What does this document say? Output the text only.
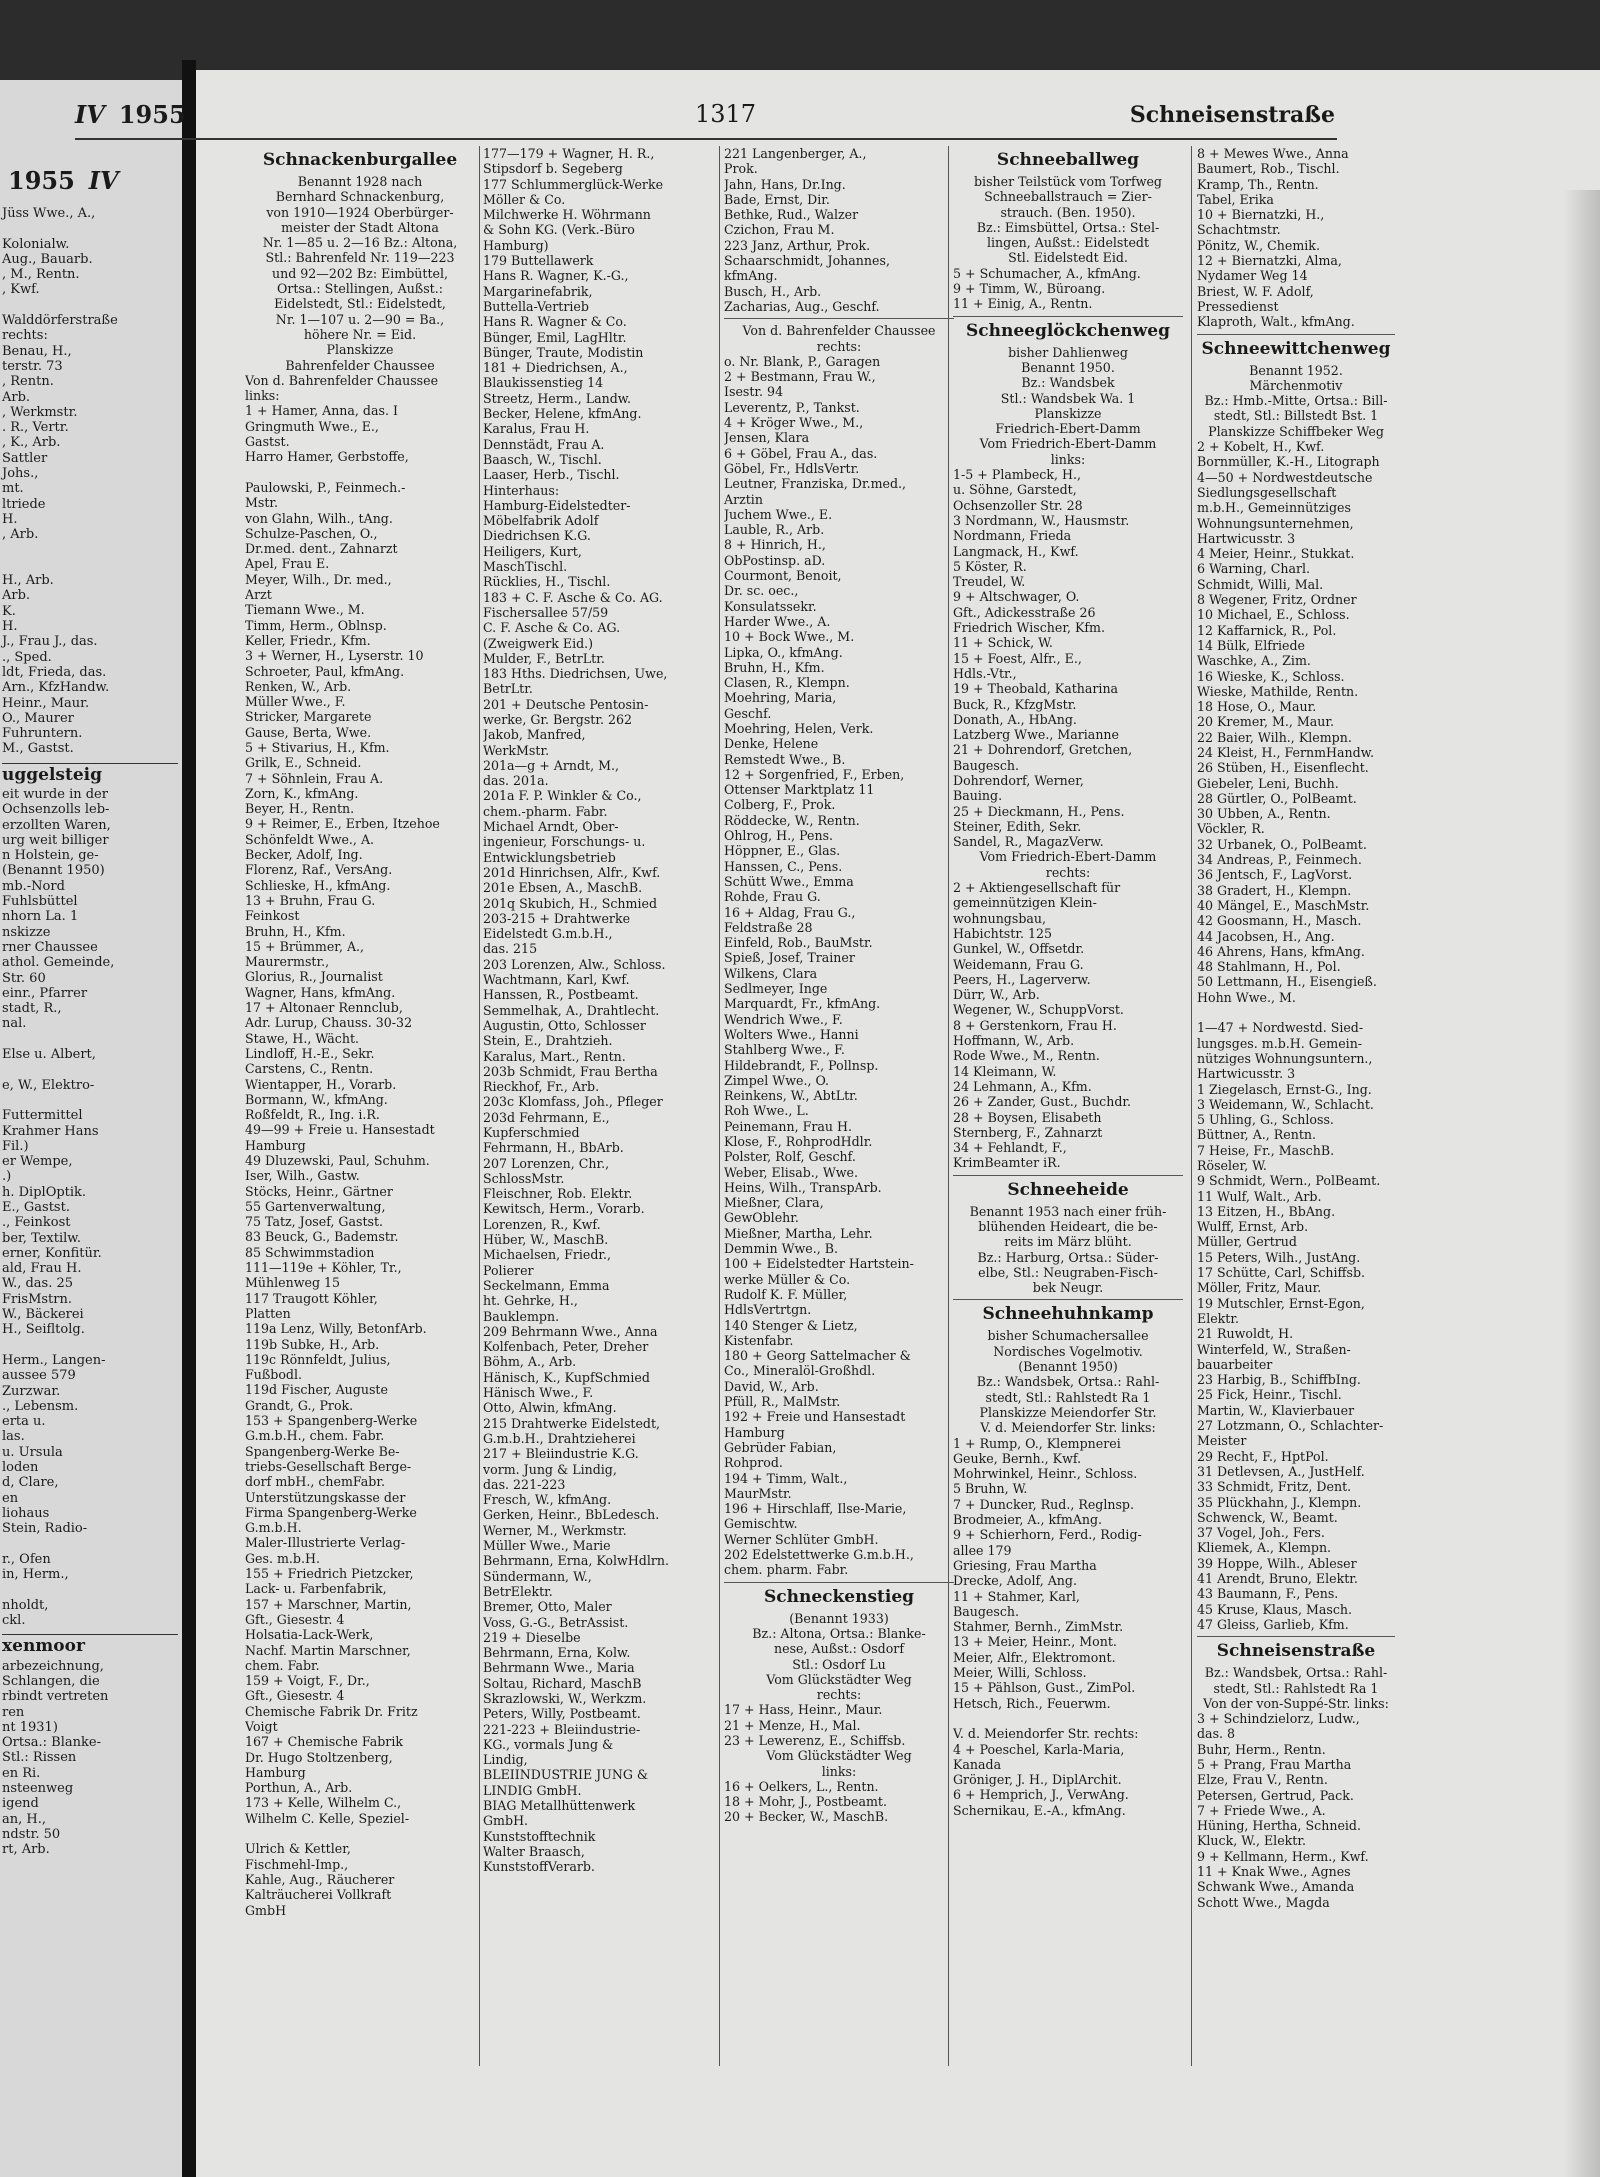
1955 IV
Jüss Wwe., A.,

Kolonialw.
Aug., Bauarb.
, M., Rentn.
, Kwf.

Walddörferstraße
rechts:
Benau, H.,
terstr. 73
, Rentn.
Arb.
, Werkmstr.
. R., Vertr.
, K., Arb.
Sattler
Johs.,
mt.
ltriede
H.
, Arb.

H., Arb.
Arb.
K.
H.
J., Frau J., das.
., Sped.
ldt, Frieda, das.
Arn., KfzHandw.
Heinr., Maur.
O., Maurer
Fuhruntern.
M., Gastst.
uggelsteig
eit wurde in der
Ochsenzolls leb-
erzollten Waren,
urg weit billiger
n Holstein, ge-
(Benannt 1950)
mb.-Nord
Fuhlsbüttel
nhorn La. 1
nskizze
rner Chaussee
athol. Gemeinde,
Str. 60
einr., Pfarrer
stadt, R.,
nal.

Else u. Albert,

e, W., Elektro-

Futtermittel
Krahmer Hans
Fil.)
er Wempe,
.)
h. DiplOptik.
E., Gastst.
., Feinkost
ber, Textilw.
erner, Konfitür.
ald, Frau H.
W., das. 25
FrisMstrn.
W., Bäckerei
H., Seifltolg.

Herm., Langen-
aussee 579
Zurzwar.
., Lebensm.
erta u.
las.
u. Ursula
loden
d, Clare,
en
liohaus
Stein, Radio-

r., Ofen
in, Herm.,

nholdt,
ckl.
xenmoor
arbezeichnung,
Schlangen, die
rbindt vertreten
ren
nt 1931)
Ortsa.: Blanke-
Stl.: Rissen
en Ri.
nsteenweg
igend
an, H.,
ndstr. 50
rt, Arb.
IV 1955	1317	Schneisenstraße
Schnackenburgallee
Benannt 1928 nach
Bernhard Schnackenburg,
von 1910—1924 Oberbürger-
meister der Stadt Altona
Nr. 1—85 u. 2—16 Bz.: Altona,
Stl.: Bahrenfeld Nr. 119—223
und 92—202 Bz: Eimbüttel,
Ortsa.: Stellingen, Außst.:
Eidelstedt, Stl.: Eidelstedt,
Nr. 1—107 u. 2—90 = Ba.,
höhere Nr. = Eid.
Planskizze
Bahrenfelder Chaussee
Von d. Bahrenfelder Chaussee
links:
1 + Hamer, Anna, das. I
Gringmuth Wwe., E.,
Gastst.
Harro Hamer, Gerbstoffe,

Paulowski, P., Feinmech.-
Mstr.
von Glahn, Wilh., tAng.
Schulze-Paschen, O.,
Dr.med. dent., Zahnarzt
Apel, Frau E.
Meyer, Wilh., Dr. med.,
Arzt
Tiemann Wwe., M.
Timm, Herm., Oblnsp.
Keller, Friedr., Kfm.
3 + Werner, H., Lyserstr. 10
Schroeter, Paul, kfmAng.
Renken, W., Arb.
Müller Wwe., F.
Stricker, Margarete
Gause, Berta, Wwe.
5 + Stivarius, H., Kfm.
Grilk, E., Schneid.
7 + Söhnlein, Frau A.
Zorn, K., kfmAng.
Beyer, H., Rentn.
9 + Reimer, E., Erben, Itzehoe
Schönfeldt Wwe., A.
Becker, Adolf, Ing.
Florenz, Raf., VersAng.
Schlieske, H., kfmAng.
13 + Bruhn, Frau G.
Feinkost
Bruhn, H., Kfm.
15 + Brümmer, A.,
Maurermstr.,
Glorius, R., Journalist
Wagner, Hans, kfmAng.
17 + Altonaer Rennclub,
Adr. Lurup, Chauss. 30-32
Stawe, H., Wächt.
Lindloff, H.-E., Sekr.
Carstens, C., Rentn.
Wientapper, H., Vorarb.
Bormann, W., kfmAng.
Roßfeldt, R., Ing. i.R.
49—99 + Freie u. Hansestadt
Hamburg
49 Dluzewski, Paul, Schuhm.
Iser, Wilh., Gastw.
Stöcks, Heinr., Gärtner
55 Gartenverwaltung,
75 Tatz, Josef, Gastst.
83 Beuck, G., Bademstr.
85 Schwimmstadion
111—119e + Köhler, Tr.,
Mühlenweg 15
117 Traugott Köhler,
Platten
119a Lenz, Willy, BetonfArb.
119b Subke, H., Arb.
119c Rönnfeldt, Julius,
Fußbodl.
119d Fischer, Auguste
Grandt, G., Prok.
153 + Spangenberg-Werke
G.m.b.H., chem. Fabr.
Spangenberg-Werke Be-
triebs-Gesellschaft Berge-
dorf mbH., chemFabr.
Unterstützungskasse der
Firma Spangenberg-Werke
G.m.b.H.
Maler-Illustrierte Verlag-
Ges. m.b.H.
155 + Friedrich Pietzcker,
Lack- u. Farbenfabrik,
157 + Marschner, Martin,
Gft., Giesestr. 4
Holsatia-Lack-Werk,
Nachf. Martin Marschner,
chem. Fabr.
159 + Voigt, F., Dr.,
Gft., Giesestr. 4
Chemische Fabrik Dr. Fritz
Voigt
167 + Chemische Fabrik
Dr. Hugo Stoltzenberg,
Hamburg
Porthun, A., Arb.
173 + Kelle, Wilhelm C.,
Wilhelm C. Kelle, Speziel-

Ulrich & Kettler,
Fischmehl-Imp.,
Kahle, Aug., Räucherer
Kalträucherei Vollkraft
GmbH
177—179 + Wagner, H. R.,
Stipsdorf b. Segeberg
177 Schlummerglück-Werke
Möller & Co.
Milchwerke H. Wöhrmann
& Sohn KG. (Verk.-Büro
Hamburg)
179 Buttellawerk
Hans R. Wagner, K.-G.,
Margarinefabrik,
Buttella-Vertrieb
Hans R. Wagner & Co.
Bünger, Emil, LagHltr.
Bünger, Traute, Modistin
181 + Diedrichsen, A.,
Blaukissenstieg 14
Streetz, Herm., Landw.
Becker, Helene, kfmAng.
Karalus, Frau H.
Dennstädt, Frau A.
Baasch, W., Tischl.
Laaser, Herb., Tischl.
Hinterhaus:
Hamburg-Eidelstedter-
Möbelfabrik Adolf
Diedrichsen K.G.
Heiligers, Kurt,
MaschTischl.
Rücklies, H., Tischl.
183 + C. F. Asche & Co. AG.
Fischersallee 57/59
C. F. Asche & Co. AG.
(Zweigwerk Eid.)
Mulder, F., BetrLtr.
183 Hths. Diedrichsen, Uwe,
BetrLtr.
201 + Deutsche Pentosin-
werke, Gr. Bergstr. 262
Jakob, Manfred,
WerkMstr.
201a—g + Arndt, M.,
das. 201a.
201a F. P. Winkler & Co.,
chem.-pharm. Fabr.
Michael Arndt, Ober-
ingenieur, Forschungs- u.
Entwicklungsbetrieb
201d Hinrichsen, Alfr., Kwf.
201e Ebsen, A., MaschB.
201q Skubich, H., Schmied
203-215 + Drahtwerke
Eidelstedt G.m.b.H.,
das. 215
203 Lorenzen, Alw., Schloss.
Wachtmann, Karl, Kwf.
Hanssen, R., Postbeamt.
Semmelhak, A., Drahtlecht.
Augustin, Otto, Schlosser
Stein, E., Drahtzieh.
Karalus, Mart., Rentn.
203b Schmidt, Frau Bertha
Rieckhof, Fr., Arb.
203c Klomfass, Joh., Pfleger
203d Fehrmann, E.,
Kupferschmied
Fehrmann, H., BbArb.
207 Lorenzen, Chr.,
SchlossMstr.
Fleischner, Rob. Elektr.
Kewitsch, Herm., Vorarb.
Lorenzen, R., Kwf.
Hüber, W., MaschB.
Michaelsen, Friedr.,
Polierer
Seckelmann, Emma
ht. Gehrke, H.,
Bauklempn.
209 Behrmann Wwe., Anna
Kolfenbach, Peter, Dreher
Böhm, A., Arb.
Hänisch, K., KupfSchmied
Hänisch Wwe., F.
Otto, Alwin, kfmAng.
215 Drahtwerke Eidelstedt,
G.m.b.H., Drahtzieherei
217 + Bleiindustrie K.G.
vorm. Jung & Lindig,
das. 221-223
Fresch, W., kfmAng.
Gerken, Heinr., BbLedesch.
Werner, M., Werkmstr.
Müller Wwe., Marie
Behrmann, Erna, KolwHdlrn.
Sündermann, W.,
BetrElektr.
Bremer, Otto, Maler
Voss, G.-G., BetrAssist.
219 + Dieselbe
Behrmann, Erna, Kolw.
Behrmann Wwe., Maria
Soltau, Richard, MaschB
Skrazlowski, W., Werkzm.
Peters, Willy, Postbeamt.
221-223 + Bleiindustrie-
KG., vormals Jung &
Lindig,
BLEIINDUSTRIE JUNG &
LINDIG GmbH.
BIAG Metallhüttenwerk
GmbH.
Kunststofftechnik
Walter Braasch,
KunststoffVerarb.
221 Langenberger, A.,
Prok.
Jahn, Hans, Dr.Ing.
Bade, Ernst, Dir.
Bethke, Rud., Walzer
Czichon, Frau M.
223 Janz, Arthur, Prok.
Schaarschmidt, Johannes,
kfmAng.
Busch, H., Arb.
Zacharias, Aug., Geschf.
Von d. Bahrenfelder Chaussee
rechts:
o. Nr. Blank, P., Garagen
2 + Bestmann, Frau W.,
Isestr. 94
Leverentz, P., Tankst.
4 + Kröger Wwe., M.,
Jensen, Klara
6 + Göbel, Frau A., das.
Göbel, Fr., HdlsVertr.
Leutner, Franziska, Dr.med.,
Arztin
Juchem Wwe., E.
Lauble, R., Arb.
8 + Hinrich, H.,
ObPostinsp. aD.
Courmont, Benoit,
Dr. sc. oec.,
Konsulatssekr.
Harder Wwe., A.
10 + Bock Wwe., M.
Lipka, O., kfmAng.
Bruhn, H., Kfm.
Clasen, R., Klempn.
Moehring, Maria,
Geschf.
Moehring, Helen, Verk.
Denke, Helene
Remstedt Wwe., B.
12 + Sorgenfried, F., Erben,
Ottenser Marktplatz 11
Colberg, F., Prok.
Röddecke, W., Rentn.
Ohlrog, H., Pens.
Höppner, E., Glas.
Hanssen, C., Pens.
Schütt Wwe., Emma
Rohde, Frau G.
16 + Aldag, Frau G.,
Feldstraße 28
Einfeld, Rob., BauMstr.
Spieß, Josef, Trainer
Wilkens, Clara
Sedlmeyer, Inge
Marquardt, Fr., kfmAng.
Wendrich Wwe., F.
Wolters Wwe., Hanni
Stahlberg Wwe., F.
Hildebrandt, F., Pollnsp.
Zimpel Wwe., O.
Reinkens, W., AbtLtr.
Roh Wwe., L.
Peinemann, Frau H.
Klose, F., RohprodHdlr.
Polster, Rolf, Geschf.
Weber, Elisab., Wwe.
Heins, Wilh., TranspArb.
Mießner, Clara,
GewOblehr.
Mießner, Martha, Lehr.
Demmin Wwe., B.
100 + Eidelstedter Hartstein-
werke Müller & Co.
Rudolf K. F. Müller,
HdlsVertrtgn.
140 Stenger & Lietz,
Kistenfabr.
180 + Georg Sattelmacher &
Co., Mineralöl-Großhdl.
David, W., Arb.
Pfüll, R., MalMstr.
192 + Freie und Hansestadt
Hamburg
Gebrüder Fabian,
Rohprod.
194 + Timm, Walt.,
MaurMstr.
196 + Hirschlaff, Ilse-Marie,
Gemischtw.
Werner Schlüter GmbH.
202 Edelstettwerke G.m.b.H.,
chem. pharm. Fabr.
Schneckenstieg
(Benannt 1933)
Bz.: Altona, Ortsa.: Blanke-
nese, Außst.: Osdorf
Stl.: Osdorf Lu
Vom Glückstädter Weg
rechts:
17 + Hass, Heinr., Maur.
21 + Menze, H., Mal.
23 + Lewerenz, E., Schiffsb.
Vom Glückstädter Weg
links:
16 + Oelkers, L., Rentn.
18 + Mohr, J., Postbeamt.
20 + Becker, W., MaschB.
Schneeballweg
bisher Teilstück vom Torfweg
Schneeballstrauch = Zier-
strauch. (Ben. 1950).
Bz.: Eimsbüttel, Ortsa.: Stel-
lingen, Außst.: Eidelstedt
Stl. Eidelstedt Eid.
5 + Schumacher, A., kfmAng.
9 + Timm, W., Büroang.
11 + Einig, A., Rentn.
Schneeglöckchenweg
bisher Dahlienweg
Benannt 1950.
Bz.: Wandsbek
Stl.: Wandsbek Wa. 1
Planskizze
Friedrich-Ebert-Damm
Vom Friedrich-Ebert-Damm
links:
1-5 + Plambeck, H.,
u. Söhne, Garstedt,
Ochsenzoller Str. 28
3 Nordmann, W., Hausmstr.
Nordmann, Frieda
Langmack, H., Kwf.
5 Köster, R.
Treudel, W.
9 + Altschwager, O.
Gft., Adickesstraße 26
Friedrich Wischer, Kfm.
11 + Schick, W.
15 + Foest, Alfr., E.,
Hdls.-Vtr.,
19 + Theobald, Katharina
Buck, R., KfzgMstr.
Donath, A., HbAng.
Latzberg Wwe., Marianne
21 + Dohrendorf, Gretchen,
Baugesch.
Dohrendorf, Werner,
Bauing.
25 + Dieckmann, H., Pens.
Steiner, Edith, Sekr.
Sandel, R., MagazVerw.
Vom Friedrich-Ebert-Damm
rechts:
2 + Aktiengesellschaft für
gemeinnützigen Klein-
wohnungsbau,
Habichtstr. 125
Gunkel, W., Offsetdr.
Weidemann, Frau G.
Peers, H., Lagerverw.
Dürr, W., Arb.
Wegener, W., SchuppVorst.
8 + Gerstenkorn, Frau H.
Hoffmann, W., Arb.
Rode Wwe., M., Rentn.
14 Kleimann, W.
24 Lehmann, A., Kfm.
26 + Zander, Gust., Buchdr.
28 + Boysen, Elisabeth
Sternberg, F., Zahnarzt
34 + Fehlandt, F.,
KrimBeamter iR.
Schneeheide
Benannt 1953 nach einer früh-
blühenden Heideart, die be-
reits im März blüht.
Bz.: Harburg, Ortsa.: Süder-
elbe, Stl.: Neugraben-Fisch-
bek Neugr.
Schneehuhnkamp
bisher Schumachersallee
Nordisches Vogelmotiv.
(Benannt 1950)
Bz.: Wandsbek, Ortsa.: Rahl-
stedt, Stl.: Rahlstedt Ra 1
Planskizze Meiendorfer Str.
V. d. Meiendorfer Str. links:
1 + Rump, O., Klempnerei
Geuke, Bernh., Kwf.
Mohrwinkel, Heinr., Schloss.
5 Bruhn, W.
7 + Duncker, Rud., Reglnsp.
Brodmeier, A., kfmAng.
9 + Schierhorn, Ferd., Rodig-
allee 179
Griesing, Frau Martha
Drecke, Adolf, Ang.
11 + Stahmer, Karl,
Baugesch.
Stahmer, Bernh., ZimMstr.
13 + Meier, Heinr., Mont.
Meier, Alfr., Elektromont.
Meier, Willi, Schloss.
15 + Pählson, Gust., ZimPol.
Hetsch, Rich., Feuerwm.

V. d. Meiendorfer Str. rechts:
4 + Poeschel, Karla-Maria,
Kanada
Gröniger, J. H., DiplArchit.
6 + Hemprich, J., VerwAng.
Schernikau, E.-A., kfmAng.
8 + Mewes Wwe., Anna
Baumert, Rob., Tischl.
Kramp, Th., Rentn.
Tabel, Erika
10 + Biernatzki, H.,
Schachtmstr.
Pönitz, W., Chemik.
12 + Biernatzki, Alma,
Nydamer Weg 14
Briest, W. F. Adolf,
Pressedienst
Klaproth, Walt., kfmAng.
Schneewittchenweg
Benannt 1952.
Märchenmotiv
Bz.: Hmb.-Mitte, Ortsa.: Bill-
stedt, Stl.: Billstedt Bst. 1
Planskizze Schiffbeker Weg
2 + Kobelt, H., Kwf.
Bornmüller, K.-H., Litograph
4—50 + Nordwestdeutsche
Siedlungsgesellschaft
m.b.H., Gemeinnütziges
Wohnungsunternehmen,
Hartwicusstr. 3
4 Meier, Heinr., Stukkat.
6 Warning, Charl.
Schmidt, Willi, Mal.
8 Wegener, Fritz, Ordner
10 Michael, E., Schloss.
12 Kaffarnick, R., Pol.
14 Bülk, Elfriede
Waschke, A., Zim.
16 Wieske, K., Schloss.
Wieske, Mathilde, Rentn.
18 Hose, O., Maur.
20 Kremer, M., Maur.
22 Baier, Wilh., Klempn.
24 Kleist, H., FernmHandw.
26 Stüben, H., Eisenflecht.
Giebeler, Leni, Buchh.
28 Gürtler, O., PolBeamt.
30 Ubben, A., Rentn.
Vöckler, R.
32 Urbanek, O., PolBeamt.
34 Andreas, P., Feinmech.
36 Jentsch, F., LagVorst.
38 Gradert, H., Klempn.
40 Mängel, E., MaschMstr.
42 Goosmann, H., Masch.
44 Jacobsen, H., Ang.
46 Ahrens, Hans, kfmAng.
48 Stahlmann, H., Pol.
50 Lettmann, H., Eisengieß.
Hohn Wwe., M.

1—47 + Nordwestd. Sied-
lungsges. m.b.H. Gemein-
nütziges Wohnungsuntern.,
Hartwicusstr. 3
1 Ziegelasch, Ernst-G., Ing.
3 Weidemann, W., Schlacht.
5 Uhling, G., Schloss.
Büttner, A., Rentn.
7 Heise, Fr., MaschB.
Röseler, W.
9 Schmidt, Wern., PolBeamt.
11 Wulf, Walt., Arb.
13 Eitzen, H., BbAng.
Wulff, Ernst, Arb.
Müller, Gertrud
15 Peters, Wilh., JustAng.
17 Schütte, Carl, Schiffsb.
Möller, Fritz, Maur.
19 Mutschler, Ernst-Egon,
Elektr.
21 Ruwoldt, H.
Winterfeld, W., Straßen-
bauarbeiter
23 Harbig, B., SchiffbIng.
25 Fick, Heinr., Tischl.
Martin, W., Klavierbauer
27 Lotzmann, O., Schlachter-
Meister
29 Recht, F., HptPol.
31 Detlevsen, A., JustHelf.
33 Schmidt, Fritz, Dent.
35 Plückhahn, J., Klempn.
Schwenck, W., Beamt.
37 Vogel, Joh., Fers.
Kliemek, A., Klempn.
39 Hoppe, Wilh., Ableser
41 Arendt, Bruno, Elektr.
43 Baumann, F., Pens.
45 Kruse, Klaus, Masch.
47 Gleiss, Garlieb, Kfm.
Schneisenstraße
Bz.: Wandsbek, Ortsa.: Rahl-
stedt, Stl.: Rahlstedt Ra 1
Von der von-Suppé-Str. links:
3 + Schindzielorz, Ludw.,
das. 8
Buhr, Herm., Rentn.
5 + Prang, Frau Martha
Elze, Frau V., Rentn.
Petersen, Gertrud, Pack.
7 + Friede Wwe., A.
Hüning, Hertha, Schneid.
Kluck, W., Elektr.
9 + Kellmann, Herm., Kwf.
11 + Knak Wwe., Agnes
Schwank Wwe., Amanda
Schott Wwe., Magda
